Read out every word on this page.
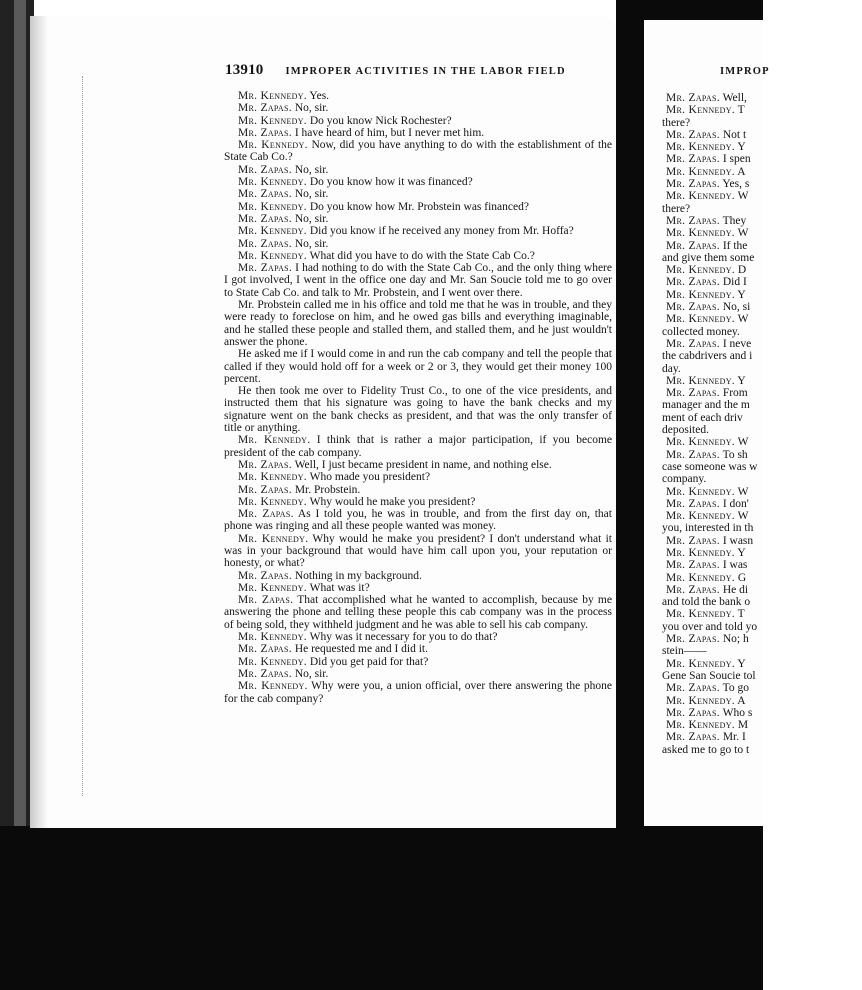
13910 IMPROPER ACTIVITIES IN THE LABOR FIELD

Mr. Kennedy. Yes.

Mr. Zapas. No, sir.

Mr. Kennedy. Do you know Nick Rochester?

Mr. Zapas. I have heard of him, but I never met him.

Mr. Kennedy. Now, did you have anything to do with the establishment of the State Cab Co.?

Mr. Zapas. No, sir.

Mr. Kennedy. Do you know how it was financed?

Mr. Zapas. No, sir.

Mr. Kennedy. Do you know how Mr. Probstein was financed?

Mr. Zapas. No, sir.

Mr. Kennedy. Did you know if he received any money from Mr. Hoffa?

Mr. Zapas. No, sir.

Mr. Kennedy. What did you have to do with the State Cab Co.?

Mr. Zapas. I had nothing to do with the State Cab Co., and the only thing where I got involved, I went in the office one day and Mr. San Soucie told me to go over to State Cab Co. and talk to Mr. Probstein, and I went over there.

Mr. Probstein called me in his office and told me that he was in trouble, and they were ready to foreclose on him, and he owed gas bills and everything imaginable, and he stalled these people and stalled them, and stalled them, and he just wouldn't answer the phone.

He asked me if I would come in and run the cab company and tell the people that called if they would hold off for a week or 2 or 3, they would get their money 100 percent.

He then took me over to Fidelity Trust Co., to one of the vice presidents, and instructed them that his signature was going to have the bank checks and my signature went on the bank checks as president, and that was the only transfer of title or anything.

Mr. Kennedy. I think that is rather a major participation, if you become president of the cab company.

Mr. Zapas. Well, I just became president in name, and nothing else.

Mr. Kennedy. Who made you president?

Mr. Zapas. Mr. Probstein.

Mr. Kennedy. Why would he make you president?

Mr. Zapas. As I told you, he was in trouble, and from the first day on, that phone was ringing and all these people wanted was money.

Mr. Kennedy. Why would he make you president? I don't understand what it was in your background that would have him call upon you, your reputation or honesty, or what?

Mr. Zapas. Nothing in my background.

Mr. Kennedy. What was it?

Mr. Zapas. That accomplished what he wanted to accomplish, because by me answering the phone and telling these people this cab company was in the process of being sold, they withheld judgment and he was able to sell his cab company.

Mr. Kennedy. Why was it necessary for you to do that?

Mr. Zapas. He requested me and I did it.

Mr. Kennedy. Did you get paid for that?

Mr. Zapas. No, sir.

Mr. Kennedy. Why were you, a union official, over there answering the phone for the cab company?

IMPROP

Mr. Zapas. Well,

Mr. Kennedy. T

there?

Mr. Zapas. Not t

Mr. Kennedy. Y

Mr. Zapas. I spen

Mr. Kennedy. A

Mr. Zapas. Yes, s

Mr. Kennedy. W

there?

Mr. Zapas. They

Mr. Kennedy. W

Mr. Zapas. If the

and give them some

Mr. Kennedy. D

Mr. Zapas. Did I

Mr. Kennedy. Y

Mr. Zapas. No, si

Mr. Kennedy. W

collected money.

Mr. Zapas. I neve

the cabdrivers and i

day.

Mr. Kennedy. Y

Mr. Zapas. From

manager and the m

ment of each driv

deposited.

Mr. Kennedy. W

Mr. Zapas. To sh

case someone was w

company.

Mr. Kennedy. W

Mr. Zapas. I don'

Mr. Kennedy. W

you, interested in th

Mr. Zapas. I wasn

Mr. Kennedy. Y

Mr. Zapas. I was

Mr. Kennedy. G

Mr. Zapas. He di

and told the bank o

Mr. Kennedy. T

you over and told yo

Mr. Zapas. No; h

stein——

Mr. Kennedy. Y

Gene San Soucie tol

Mr. Zapas. To go

Mr. Kennedy. A

Mr. Zapas. Who s

Mr. Kennedy. M

Mr. Zapas. Mr. I

asked me to go to t
